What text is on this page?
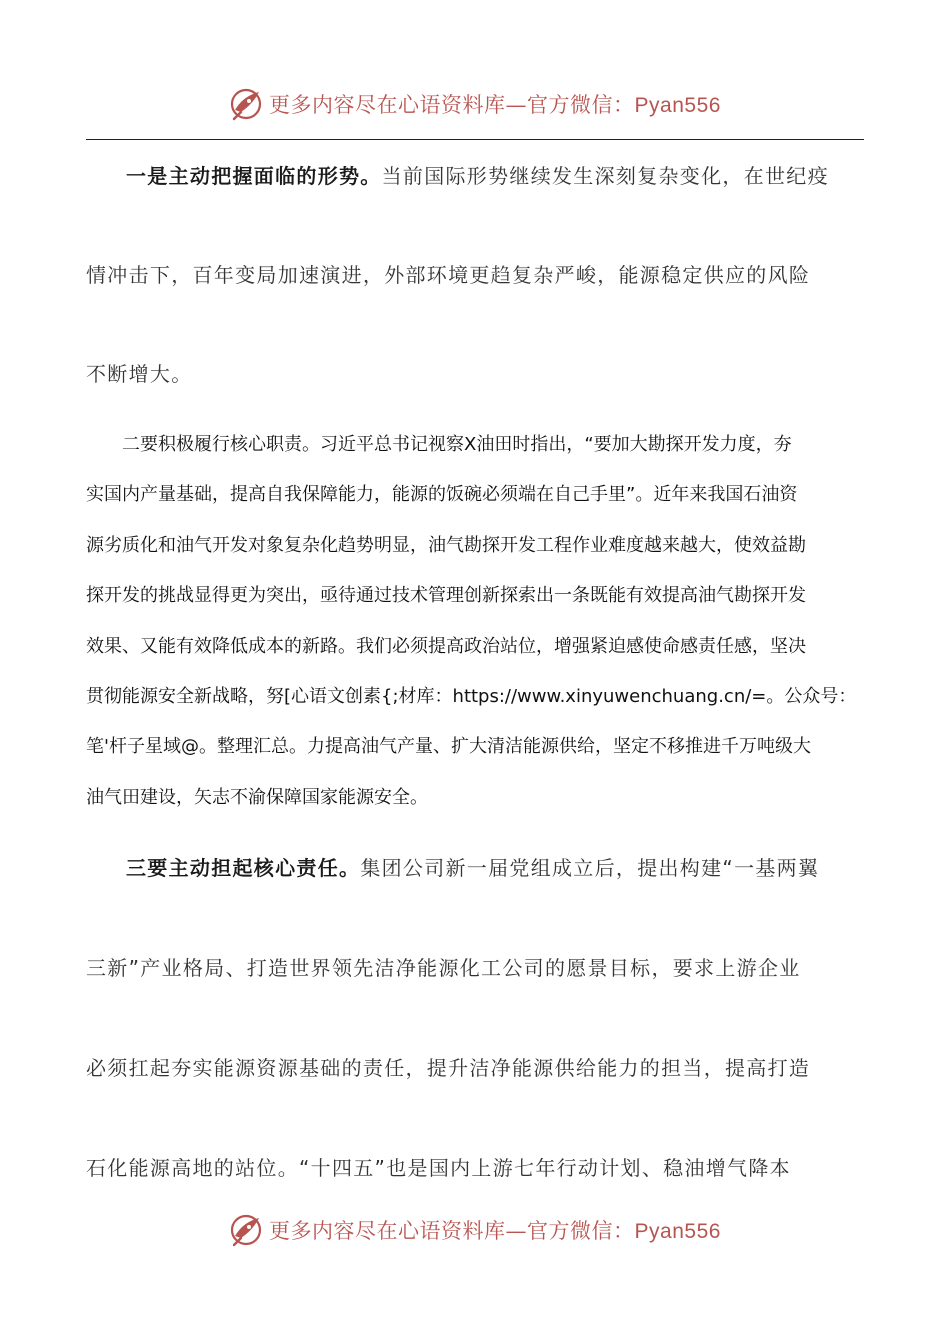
更多内容尽在心语资料库—官方微信：Pyan556

一是主动把握面临的形势。当前国际形势继续发生深刻复杂变化，在世纪疫

情冲击下，百年变局加速演进，外部环境更趋复杂严峻，能源稳定供应的风险

不断增大。

二要积极履行核心职责。习近平总书记视察Ⅹ油田时指出，“要加大勘探开发力度，夯
实国内产量基础，提高自我保障能力，能源的饭碗必须端在自己手里”。近年来我国石油资
源劣质化和油气开发对象复杂化趋势明显，油气勘探开发工程作业难度越来越大，使效益勘
探开发的挑战显得更为突出，亟待通过技术管理创新探索出一条既能有效提高油气勘探开发
效果、又能有效降低成本的新路。我们必须提高政治站位，增强紧迫感使命感责任感，坚决
贯彻能源安全新战略，努[心语文创素{;材库：https://www.xinyuwenchuang.cn/=。公众号：
笔'杆子星域@。整理汇总。力提高油气产量、扩大清洁能源供给，坚定不移推进千万吨级大
油气田建设，矢志不渝保障国家能源安全。

三要主动担起核心责任。集团公司新一届党组成立后，提出构建“一基两翼

三新”产业格局、打造世界领先洁净能源化工公司的愿景目标，要求上游企业

必须扛起夯实能源资源基础的责任，提升洁净能源供给能力的担当，提高打造

石化能源高地的站位。“十四五”也是国内上游七年行动计划、稳油增气降本

更多内容尽在心语资料库—官方微信：Pyan556
